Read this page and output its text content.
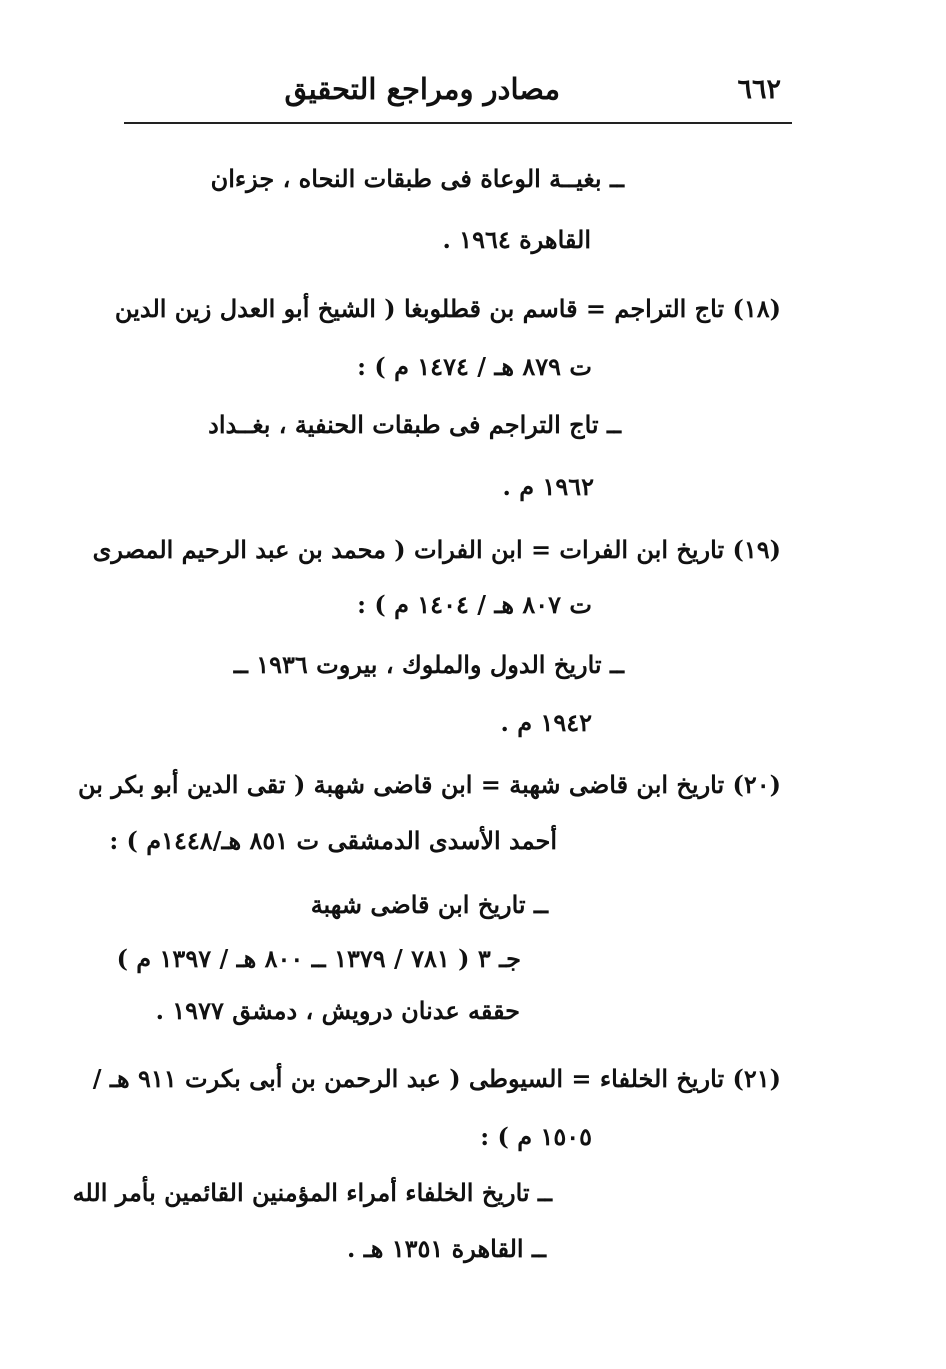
٦٦٢
مصادر ومراجع التحقيق
ــ بغيــة الوعاة فى طبقات النحاه ، جزءان
القاهرة ١٩٦٤ .
(١٨) تاج التراجم = قاسم بن قطلوبغا ( الشيخ أبو العدل زين الدين
ت ٨٧٩ هـ / ١٤٧٤ م ) :
ــ تاج التراجم فى طبقات الحنفية ، بغــداد
١٩٦٢ م .
(١٩) تاريخ ابن الفرات = ابن الفرات ( محمد بن عبد الرحيم المصرى
ت ٨٠٧ هـ / ١٤٠٤ م ) :
ــ تاريخ الدول والملوك ، بيروت ١٩٣٦ ــ
١٩٤٢ م .
(٢٠) تاريخ ابن قاضى شهبة = ابن قاضى شهبة ( تقى الدين أبو بكر بن
أحمد الأسدى الدمشقى ت ٨٥١ هـ/١٤٤٨م ) :
ــ تاريخ ابن قاضى شهبة
جـ ٣ ( ٧٨١ / ١٣٧٩ ــ ٨٠٠ هـ / ١٣٩٧ م )
حققه عدنان درويش ، دمشق ١٩٧٧ .
(٢١) تاريخ الخلفاء = السيوطى ( عبد الرحمن بن أبى بكرت ٩١١ هـ /
١٥٠٥ م ) :
ــ تاريخ الخلفاء أمراء المؤمنين القائمين بأمر الله
ــ القاهرة ١٣٥١ هـ .
